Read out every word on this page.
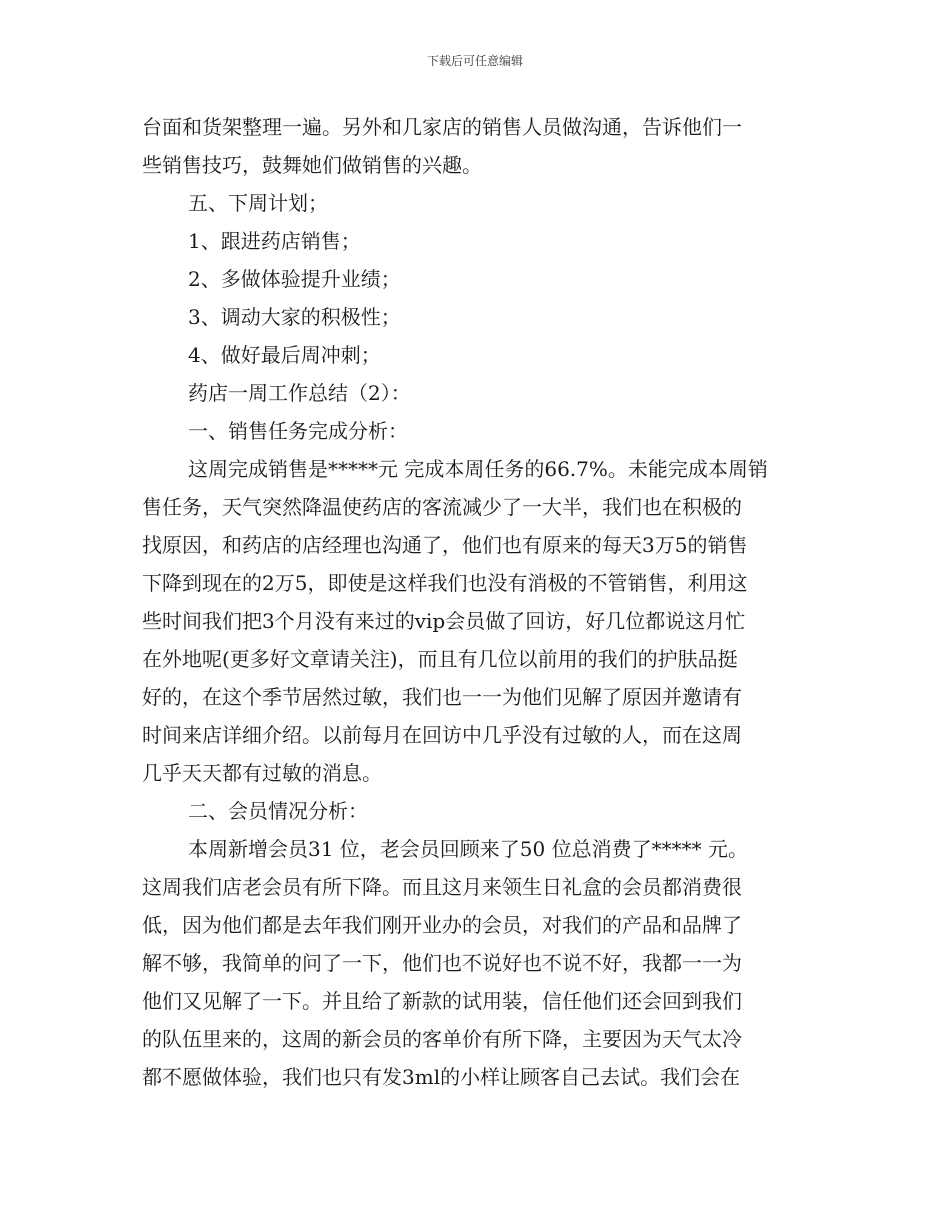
下载后可任意编辑
台面和货架整理一遍。另外和几家店的销售人员做沟通，告诉他们一
些销售技巧，鼓舞她们做销售的兴趣。
五、下周计划；
1、跟进药店销售；
2、多做体验提升业绩；
3、调动大家的积极性；
4、做好最后周冲刺；
药店一周工作总结（2）：
一、销售任务完成分析：
这周完成销售是*****元 完成本周任务的66.7%。未能完成本周销
售任务，天气突然降温使药店的客流减少了一大半，我们也在积极的
找原因，和药店的店经理也沟通了，他们也有原来的每天3万5的销售
下降到现在的2万5，即使是这样我们也没有消极的不管销售，利用这
些时间我们把3个月没有来过的vip会员做了回访，好几位都说这月忙
在外地呢(更多好文章请关注)，而且有几位以前用的我们的护肤品挺
好的，在这个季节居然过敏，我们也一一为他们见解了原因并邀请有
时间来店详细介绍。以前每月在回访中几乎没有过敏的人，而在这周
几乎天天都有过敏的消息。
二、会员情况分析：
本周新增会员31 位，老会员回顾来了50 位总消费了***** 元。
这周我们店老会员有所下降。而且这月来领生日礼盒的会员都消费很
低，因为他们都是去年我们刚开业办的会员，对我们的产品和品牌了
解不够，我简单的问了一下，他们也不说好也不说不好，我都一一为
他们又见解了一下。并且给了新款的试用装，信任他们还会回到我们
的队伍里来的，这周的新会员的客单价有所下降，主要因为天气太冷
都不愿做体验，我们也只有发3ml的小样让顾客自己去试。我们会在
